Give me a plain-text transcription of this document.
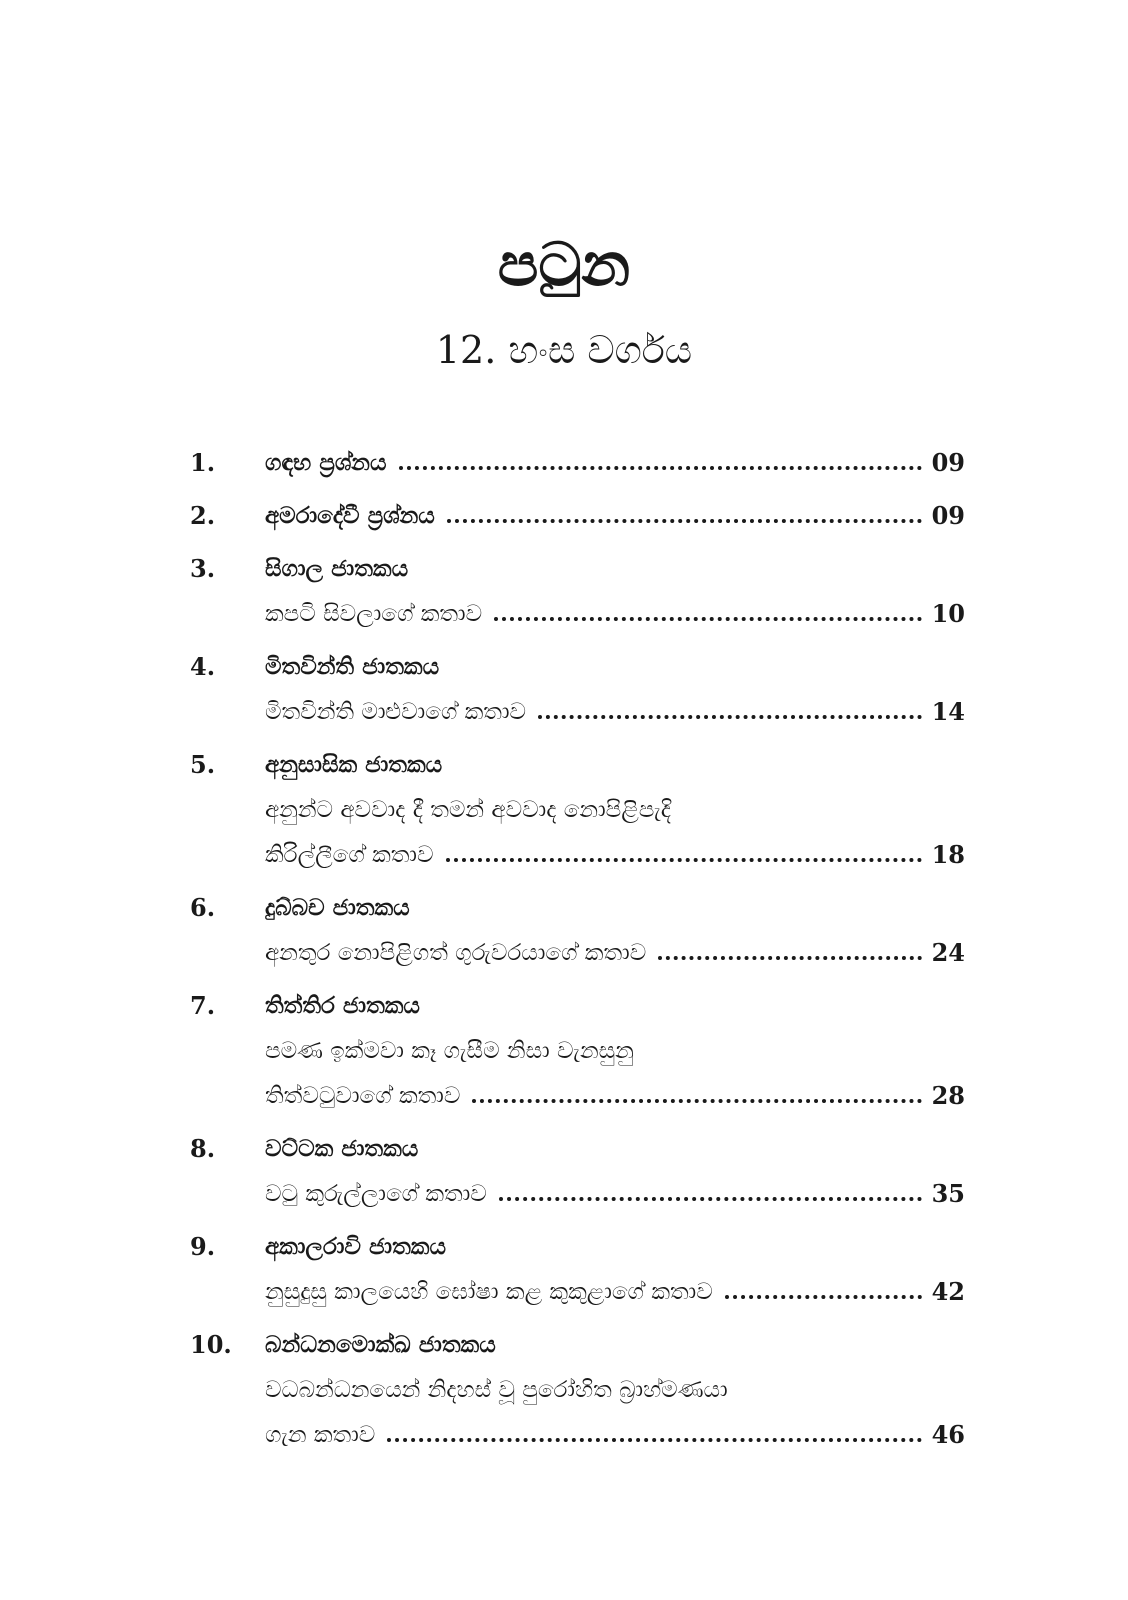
පටුන
12. හංස වර්ගය
1. ගඳභ ප්‍රශ්නය	09
2. අමරාදේවී ප්‍රශ්නය	09
3. සිගාල ජාතකය
කපටි සිවලාගේ කතාව	10
4. මිතවින්ති ජාතකය
මිතවින්ති මාළුවාගේ කතාව	14
5. අනුසාසික ජාතකය
අනුන්ට අවවාද දී තමන් අවවාද නොපිළිපැදි
කිරිල්ලීගේ කතාව	18
6. දුබ්බච ජාතකය
අනතුර නොපිළිගත් ගුරුවරයාගේ කතාව	24
7. තිත්තිර ජාතකය
පමණ ඉක්මවා කෑ ගැසීම නිසා වැනසුනු
තිත්වටුවාගේ කතාව	28
8. වට්ටක ජාතකය
වටු කුරුල්ලාගේ කතාව	35
9. අකාලරාවි ජාතකය
නුසුදුසු කාලයෙහි ඝෝෂා කළ කුකුළාගේ කතාව	42
10. බන්ධනමොක්ඛ ජාතකය
වධබන්ධනයෙන් නිදහස් වූ පුරෝහිත බ්‍රාහ්මණයා
ගැන කතාව	46
